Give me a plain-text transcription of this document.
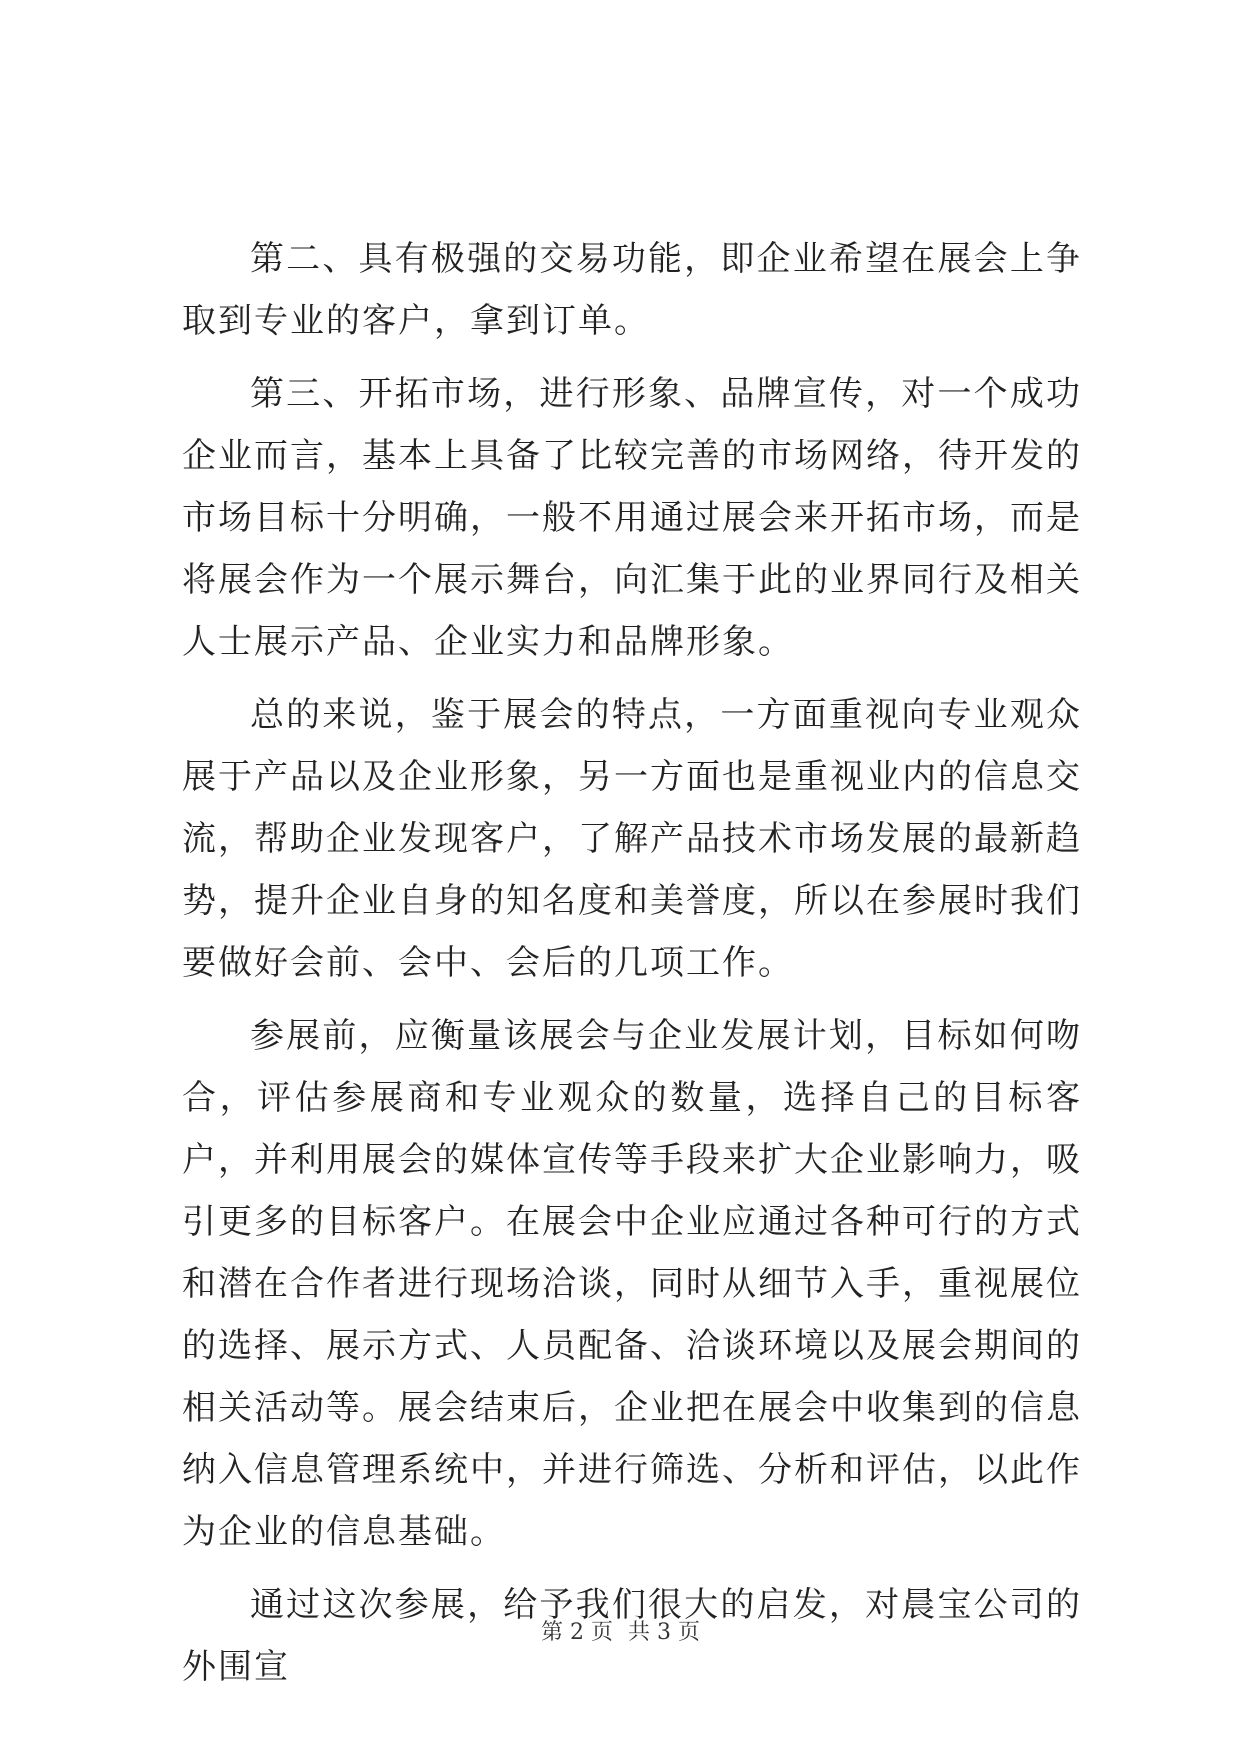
第二、具有极强的交易功能，即企业希望在展会上争取到专业的客户，拿到订单。

第三、开拓市场，进行形象、品牌宣传，对一个成功企业而言，基本上具备了比较完善的市场网络，待开发的市场目标十分明确，一般不用通过展会来开拓市场，而是将展会作为一个展示舞台，向汇集于此的业界同行及相关人士展示产品、企业实力和品牌形象。

总的来说，鉴于展会的特点，一方面重视向专业观众展于产品以及企业形象，另一方面也是重视业内的信息交流，帮助企业发现客户，了解产品技术市场发展的最新趋势，提升企业自身的知名度和美誉度，所以在参展时我们要做好会前、会中、会后的几项工作。

参展前，应衡量该展会与企业发展计划，目标如何吻合，评估参展商和专业观众的数量，选择自己的目标客户，并利用展会的媒体宣传等手段来扩大企业影响力，吸引更多的目标客户。在展会中企业应通过各种可行的方式和潜在合作者进行现场洽谈，同时从细节入手，重视展位的选择、展示方式、人员配备、洽谈环境以及展会期间的相关活动等。展会结束后，企业把在展会中收集到的信息纳入信息管理系统中，并进行筛选、分析和评估，以此作为企业的信息基础。

通过这次参展，给予我们很大的启发，对晨宝公司的外围宣

第 2 页 共 3 页
